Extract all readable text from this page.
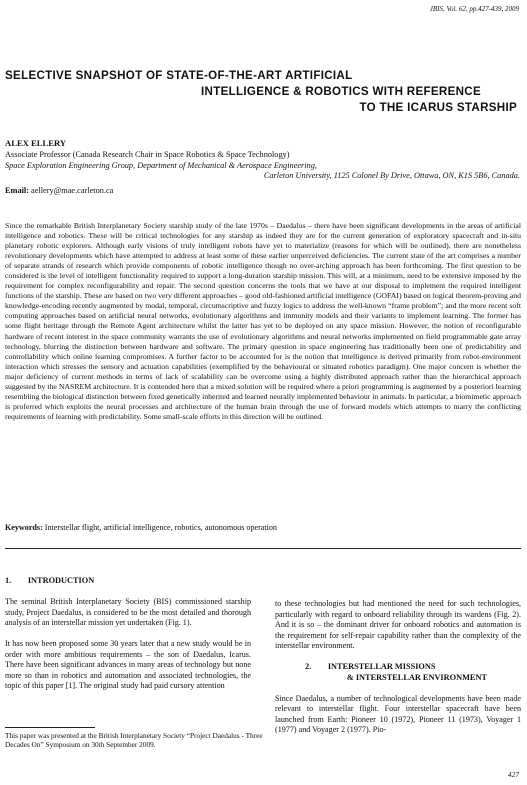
JBIS, Vol. 62, pp.427-439, 2009
SELECTIVE SNAPSHOT OF STATE-OF-THE-ART ARTIFICIAL
INTELLIGENCE & ROBOTICS WITH REFERENCE
TO THE ICARUS STARSHIP
ALEX ELLERY
Associate Professor (Canada Research Chair in Space Robotics & Space Technology)
Space Exploration Engineering Group, Department of Mechanical & Aerospace Engineering,
Carleton University, 1125 Colonel By Drive, Ottawa, ON, K1S 5B6, Canada.
Email: aellery@mae.carleton.ca
Since the remarkable British Interplanetary Society starship study of the late 1970s – Daedalus – there have been significant developments in the areas of artificial intelligence and robotics. These will be critical technologies for any starship as indeed they are for the current generation of exploratory spacecraft and in-situ planetary robotic explorers. Although early visions of truly intelligent robots have yet to materialize (reasons for which will be outlined), there are nonetheless revolutionary developments which have attempted to address at least some of these earlier unperceived deficiencies. The current state of the art comprises a number of separate strands of research which provide components of robotic intelligence though no over-arching approach has been forthcoming. The first question to be considered is the level of intelligent functionality required to support a long-duration starship mission. This will, at a minimum, need to be extensive imposed by the requirement for complex reconfigurability and repair. The second question concerns the tools that we have at our disposal to implement the required intelligent functions of the starship. These are based on two very different approaches – good old-fashioned artificial intelligence (GOFAI) based on logical theorem-proving and knowledge-encoding recently augmented by modal, temporal, circumscriptive and fuzzy logics to address the well-known “frame problem”; and the more recent soft computing approaches based on artificial neural networks, evolutionary algorithms and immunity models and their variants to implement learning. The former has some flight heritage through the Remote Agent architecture whilst the latter has yet to be deployed on any space mission. However, the notion of reconfigurable hardware of recent interest in the space community warrants the use of evolutionary algorithms and neural networks implemented on field programmable gate array technology, blurring the distinction between hardware and software. The primary question in space engineering has traditionally been one of predictability and controllability which online learning compromises. A further factor to be accounted for is the notion that intelligence is derived primarily from robot-environment interaction which stresses the sensory and actuation capabilities (exemplified by the behavioural or situated robotics paradigm). One major concern is whether the major deficiency of current methods in terms of lack of scalability can be overcome using a highly distributed approach rather than the hierarchical approach suggested by the NASREM architecture. It is contended here that a mixed solution will be required where a priori programming is augmented by a posteriori learning resembling the biological distinction between fixed genetically inherited and learned neurally implemented behaviour in animals. In particular, a biomimetic approach is proferred which exploits the neural processes and architecture of the human brain through the use of forward models which attempts to marry the conflicting requirements of learning with predictability. Some small-scale efforts in this direction will be outlined.
Keywords: Interstellar flight, artificial intelligence, robotics, autonomous operation
1.  INTRODUCTION

The seminal British Interplanetary Society (BIS) commissioned starship study, Project Daedalus, is considered to be the most detailed and thorough analysis of an interstellar mission yet undertaken (Fig. 1).

It has now been proposed some 30 years later that a new study would be in order with more ambitious requirements – the son of Daedalus, Icarus. There have been significant advances in many areas of technology but none more so than in robotics and automation and associated technologies, the topic of this paper [1]. The original study had paid cursory attention

to these technologies but had mentioned the need for such technologies, particularly with regard to onboard reliability through its wardens (Fig. 2). And it is so – the dominant driver for onboard robotics and automation is the requirement for self-repair capability rather than the complexity of the interstellar environment.

2.  INTERSTELLAR MISSIONS
& INTERSTELLAR ENVIRONMENT

Since Daedalus, a number of technological developments have been made relevant to interstellar flight. Four interstellar spacecraft have been launched from Earth: Pioneer 10 (1972), Pioneer 11 (1973), Voyager 1 (1977) and Voyager 2 (1977). Pio-

This paper was presented at the British Interplanetary Society “Project Daedalus - Three Decades On” Symposium on 30th September 2009.
427
